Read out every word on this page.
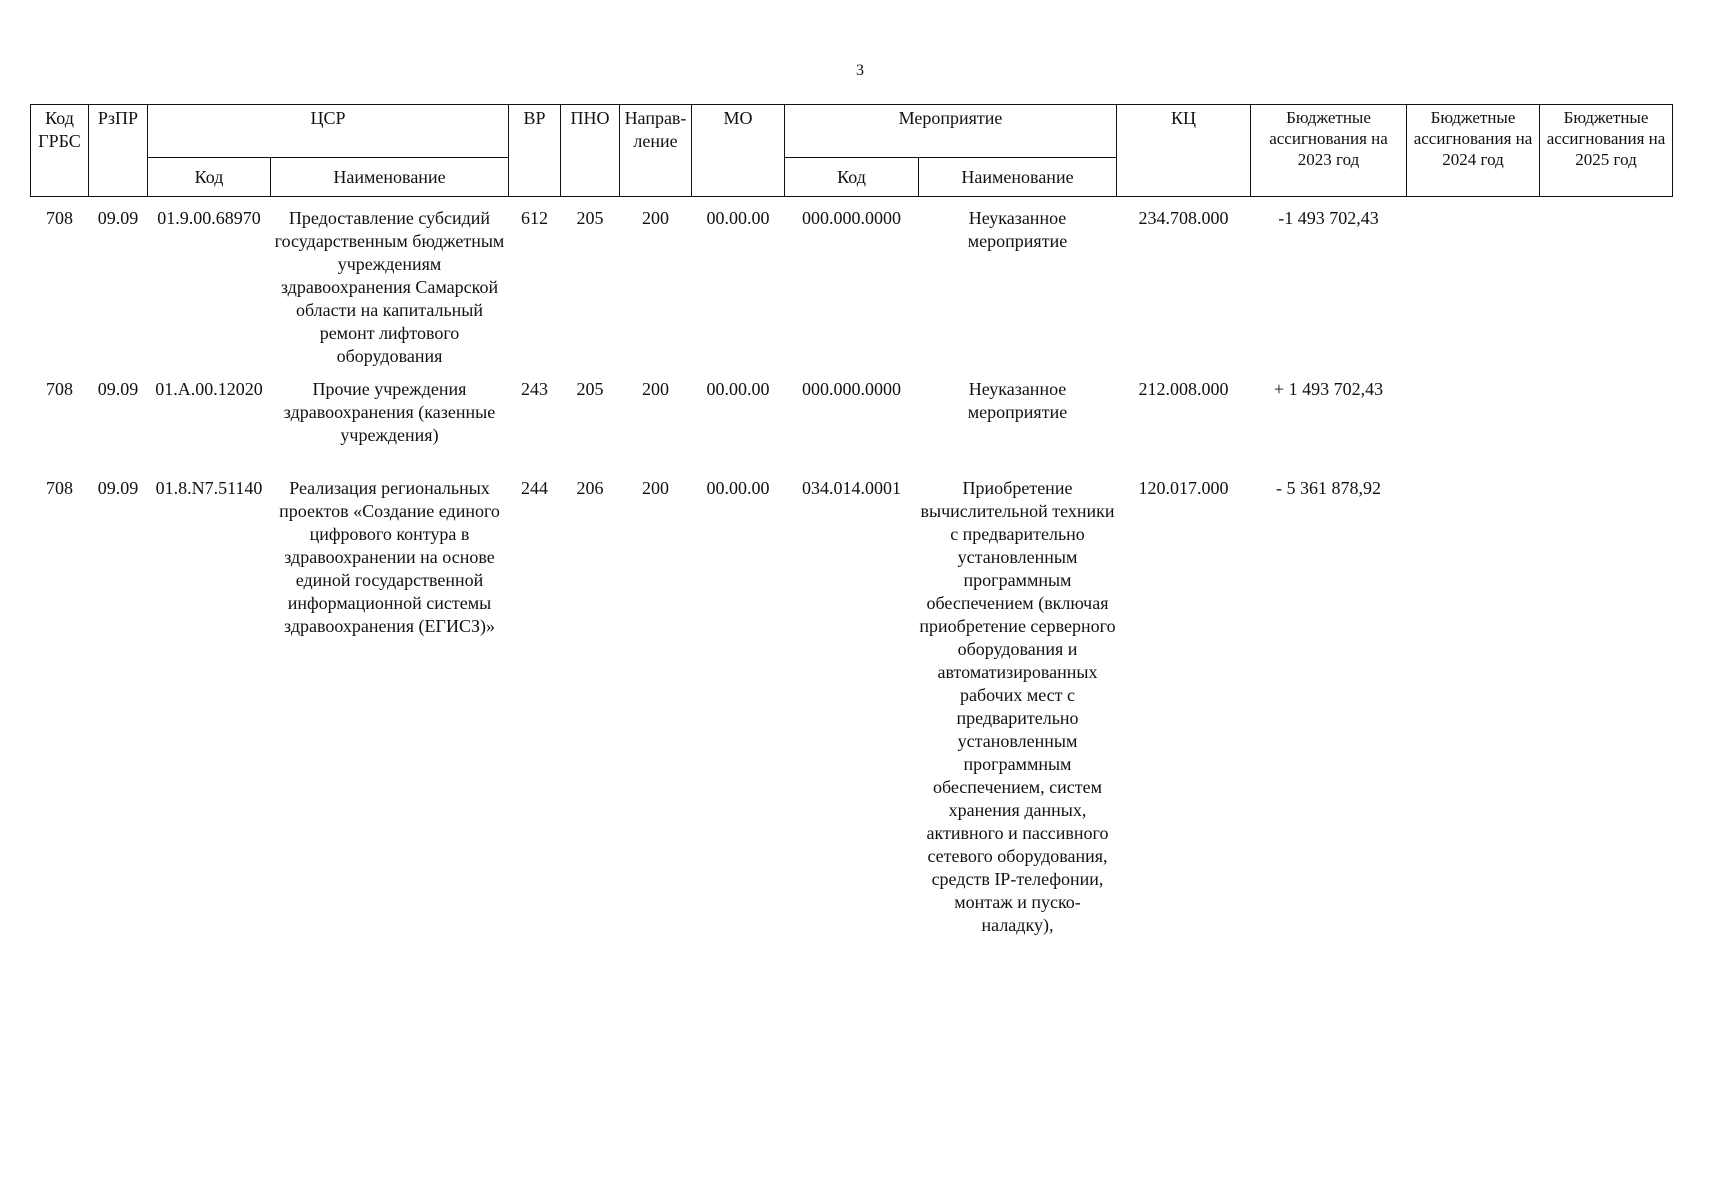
3
Код ГРБС	РзПР	ЦСР		ВР	ПНО	Направ-ление	МО	Мероприятие		КЦ	Бюджетные ассигнования на 2023 год	Бюджетные ассигнования на 2024 год	Бюджетные ассигнования на 2025 год
		Код	Наименование					Код	Наименование				
708	09.09	01.9.00.68970	Предоставление субсидий государственным бюджетным учреждениям здравоохранения Самарской области на капитальный ремонт лифтового оборудования	612	205	200	00.00.00	000.000.0000	Неуказанное мероприятие	234.708.000	-1 493 702,43		
708	09.09	01.А.00.12020	Прочие учреждения здравоохранения (казенные учреждения)	243	205	200	00.00.00	000.000.0000	Неуказанное мероприятие	212.008.000	+ 1 493 702,43		
708	09.09	01.8.N7.51140	Реализация региональных проектов «Создание единого цифрового контура в здравоохранении на основе единой государственной информационной системы здравоохранения (ЕГИСЗ)»	244	206	200	00.00.00	034.014.0001	Приобретение вычислительной техники с предварительно установленным программным обеспечением (включая приобретение серверного оборудования и автоматизированных рабочих мест с предварительно установленным программным обеспечением, систем хранения данных, активного и пассивного сетевого оборудования, средств IP-телефонии, монтаж и пуско-наладку),	120.017.000	- 5 361 878,92		
